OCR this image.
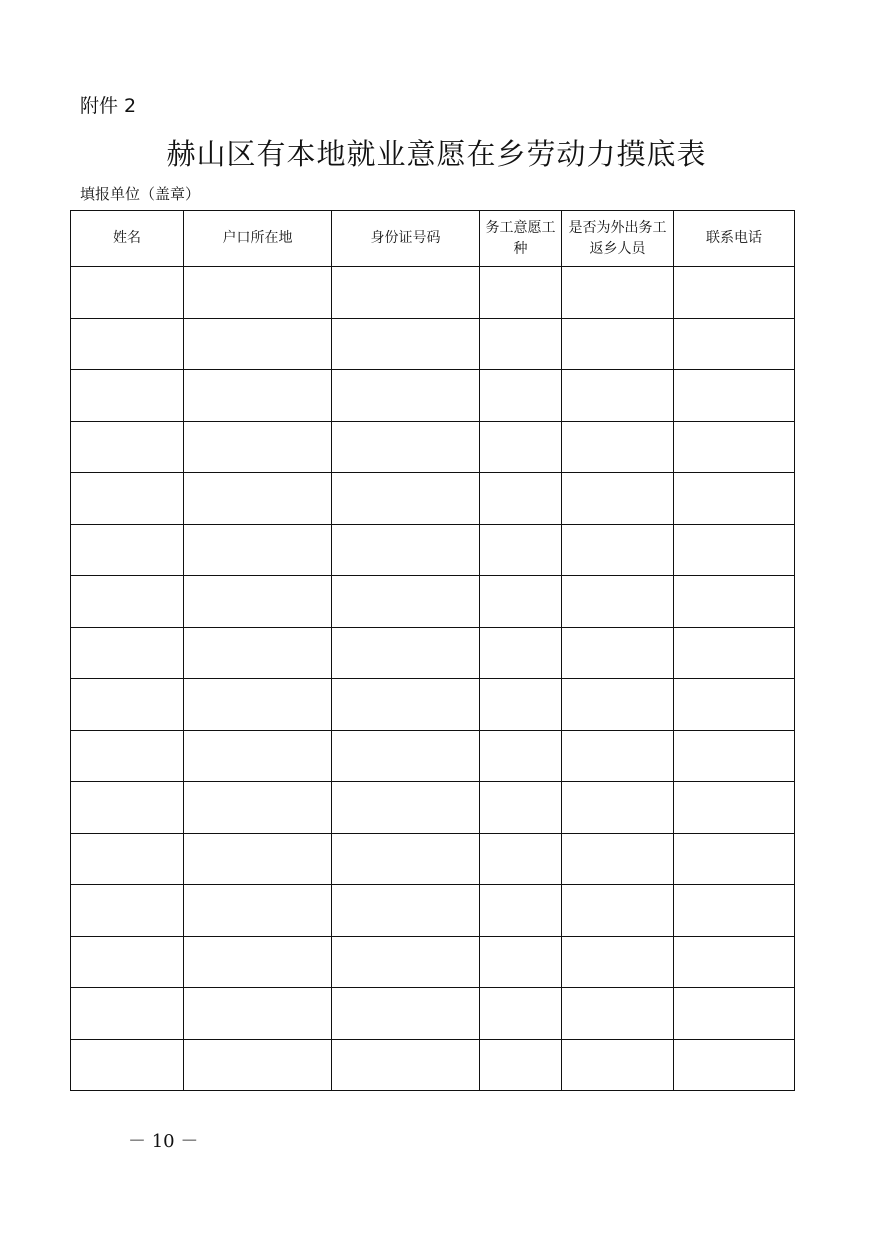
附件 2
赫山区有本地就业意愿在乡劳动力摸底表
填报单位（盖章）
姓名	户口所在地	身份证号码	务工意愿工种	是否为外出务工返乡人员	联系电话

－ 10 －
